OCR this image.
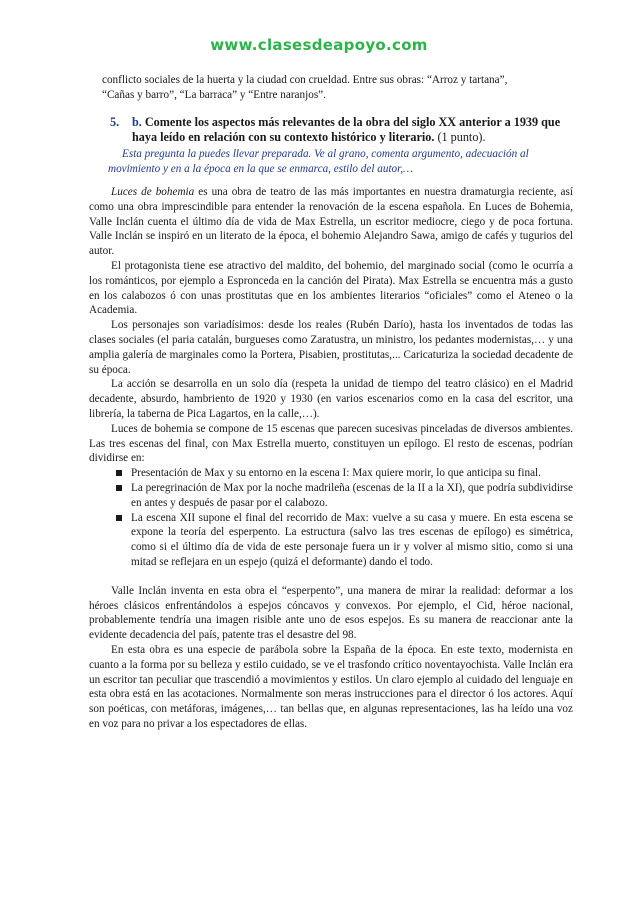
www.clasesdeapoyo.com
conflicto sociales de la huerta y la ciudad con crueldad. Entre sus obras: “Arroz y tartana”,
“Cañas y barro”, “La barraca” y “Entre naranjos”.
5.	b. Comente los aspectos más relevantes de la obra del siglo XX anterior a 1939 que haya leído en relación con su contexto histórico y literario. (1 punto).
Esta pregunta la puedes llevar preparada. Ve al grano, comenta argumento, adecuación al
movimiento y en a la época en la que se enmarca, estilo del autor,…

Luces de bohemia es una obra de teatro de las más importantes en nuestra dramaturgia reciente, así como una obra imprescindible para entender la renovación de la escena española. En Luces de Bohemia, Valle Inclán cuenta el último día de vida de Max Estrella, un escritor mediocre, ciego y de poca fortuna. Valle Inclán se inspiró en un literato de la época, el bohemio Alejandro Sawa, amigo de cafés y tugurios del autor.

El protagonista tiene ese atractivo del maldito, del bohemio, del marginado social (como le ocurría a los románticos, por ejemplo a Espronceda en la canción del Pirata). Max Estrella se encuentra más a gusto en los calabozos ó con unas prostitutas que en los ambientes literarios “oficiales” como el Ateneo o la Academia.

Los personajes son variadísimos: desde los reales (Rubén Darío), hasta los inventados de todas las clases sociales (el paria catalán, burgueses como Zaratustra, un ministro, los pedantes modernistas,… y una amplia galería de marginales como la Portera, Pisabien, prostitutas,... Caricaturiza la sociedad decadente de su época.

La acción se desarrolla en un solo día (respeta la unidad de tiempo del teatro clásico) en el Madrid decadente, absurdo, hambriento de 1920 y 1930 (en varios escenarios como en la casa del escritor, una librería, la taberna de Pica Lagartos, en la calle,…).

Luces de bohemia se compone de 15 escenas que parecen sucesivas pinceladas de diversos ambientes. Las tres escenas del final, con Max Estrella muerto, constituyen un epílogo. El resto de escenas, podrían dividirse en:

Presentación de Max y su entorno en la escena I: Max quiere morir, lo que anticipa su final.
La peregrinación de Max por la noche madrileña (escenas de la II a la XI), que podría subdividirse en antes y después de pasar por el calabozo.
La escena XII supone el final del recorrido de Max: vuelve a su casa y muere. En esta escena se expone la teoría del esperpento. La estructura (salvo las tres escenas de epílogo) es simétrica, como si el último día de vida de este personaje fuera un ir y volver al mismo sitio, como si una mitad se reflejara en un espejo (quizá el deformante) dando el todo.

Valle Inclán inventa en esta obra el “esperpento”, una manera de mirar la realidad: deformar a los héroes clásicos enfrentándolos a espejos cóncavos y convexos. Por ejemplo, el Cid, héroe nacional, probablemente tendría una imagen risible ante uno de esos espejos. Es su manera de reaccionar ante la evidente decadencia del país, patente tras el desastre del 98.

En esta obra es una especie de parábola sobre la España de la época. En este texto, modernista en cuanto a la forma por su belleza y estilo cuidado, se ve el trasfondo crítico noventayochista. Valle Inclán era un escritor tan peculiar que trascendió a movimientos y estilos. Un claro ejemplo al cuidado del lenguaje en esta obra está en las acotaciones. Normalmente son meras instrucciones para el director ó los actores. Aquí son poéticas, con metáforas, imágenes,… tan bellas que, en algunas representaciones, las ha leído una voz en voz para no privar a los espectadores de ellas.
